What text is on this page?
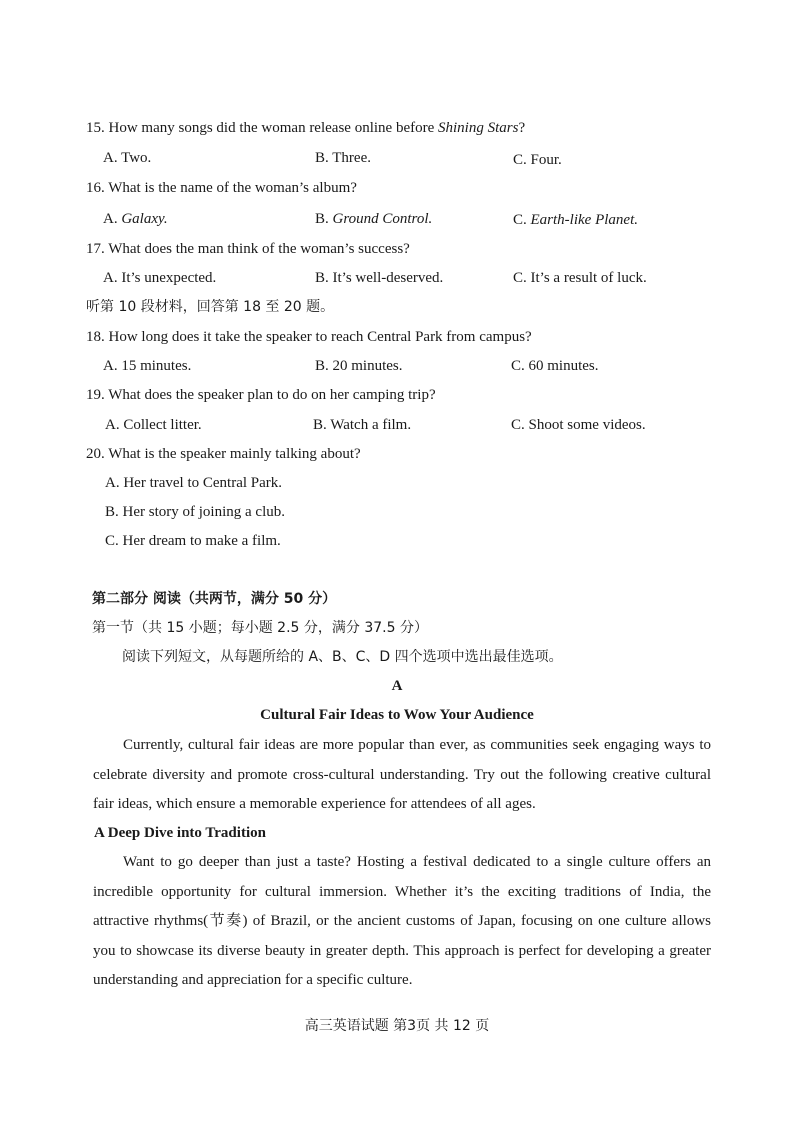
15. How many songs did the woman release online before Shining Stars?
A. Two.	B. Three.	C. Four.
16. What is the name of the woman’s album?
A. Galaxy.	B. Ground Control.	C. Earth-like Planet.
17. What does the man think of the woman’s success?
A. It’s unexpected.	B. It’s well-deserved.	C. It’s a result of luck.
听第 10 段材料，回答第 18 至 20 题。
18. How long does it take the speaker to reach Central Park from campus?
A. 15 minutes.	B. 20 minutes.	C. 60 minutes.
19. What does the speaker plan to do on her camping trip?
A. Collect litter.	B. Watch a film.	C. Shoot some videos.
20. What is the speaker mainly talking about?
A. Her travel to Central Park.
B. Her story of joining a club.
C. Her dream to make a film.
第二部分 阅读（共两节，满分 50 分）
第一节（共 15 小题；每小题 2.5 分，满分 37.5 分）
阅读下列短文，从每题所给的 A、B、C、D 四个选项中选出最佳选项。
A
Cultural Fair Ideas to Wow Your Audience
Currently, cultural fair ideas are more popular than ever, as communities seek engaging ways to celebrate diversity and promote cross-cultural understanding. Try out the following creative cultural fair ideas, which ensure a memorable experience for attendees of all ages.
A Deep Dive into Tradition
Want to go deeper than just a taste? Hosting a festival dedicated to a single culture offers an incredible opportunity for cultural immersion. Whether it’s the exciting traditions of India, the attractive rhythms(节奏) of Brazil, or the ancient customs of Japan, focusing on one culture allows you to showcase its diverse beauty in greater depth. This approach is perfect for developing a greater understanding and appreciation for a specific culture.
高三英语试题 第3页 共 12 页
